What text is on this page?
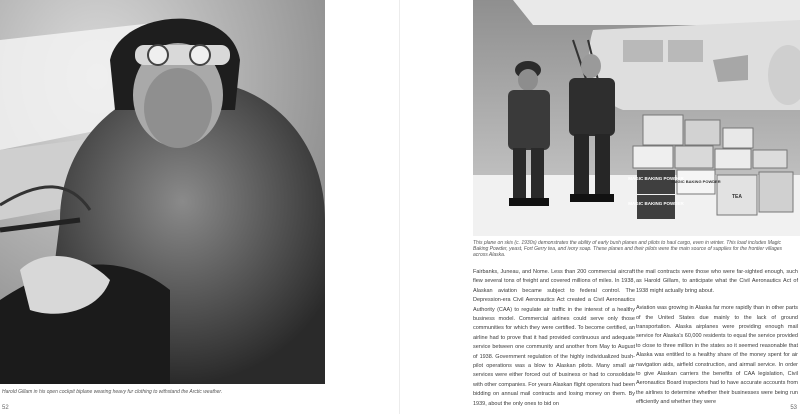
Harold Gillam in his open cockpit biplane wearing heavy fur clothing to withstand the Arctic weather.
52
MAGIC BAKING POWDER
MAGIC BAKING POWDER
MAGIC BAKING POWDER
TEA
This plane on skis (c. 1930s) demonstrates the ability of early bush planes and pilots to haul cargo, even in winter. This load includes Magic Baking Powder, yeast, Fort Gerry tea, and ivory soap. These planes and their pilots were the main source of supplies for the frontier villages across Alaska.

Fairbanks, Juneau, and Nome. Less than 200 commercial aircraft flew several tons of freight and covered millions of miles. In 1938, Alaskan aviation became subject to federal control. The Depression-era Civil Aeronautics Act created a Civil Aeronautics Authority (CAA) to regulate air traffic in the interest of a healthy business model. Commercial airlines could serve only those communities for which they were certified. To become certified, an airline had to prove that it had provided continuous and adequate service between one community and another from May to August of 1938. Government regulation of the highly individualized bush-pilot operations was a blow to Alaskan pilots. Many small air services were either forced out of business or had to consolidate with other companies. For years Alaskan flight operators had been bidding on annual mail contracts and losing money on them. By 1939, about the only ones to bid on

the mail contracts were those who were far-sighted enough, such as Harold Gillam, to anticipate what the Civil Aeronautics Act of 1938 might actually bring about.

Aviation was growing in Alaska far more rapidly than in other parts of the United States due mainly to the lack of ground transportation. Alaska airplanes were providing enough mail service for Alaska's 60,000 residents to equal the service provided to close to three million in the states so it seemed reasonable that Alaska was entitled to a healthy share of the money spent for air navigation aids, airfield construction, and airmail service. In order to give Alaskan carriers the benefits of CAA legislation, Civil Aeronautics Board inspectors had to have accurate accounts from the airlines to determine whether their businesses were being run efficiently and whether they were

53
